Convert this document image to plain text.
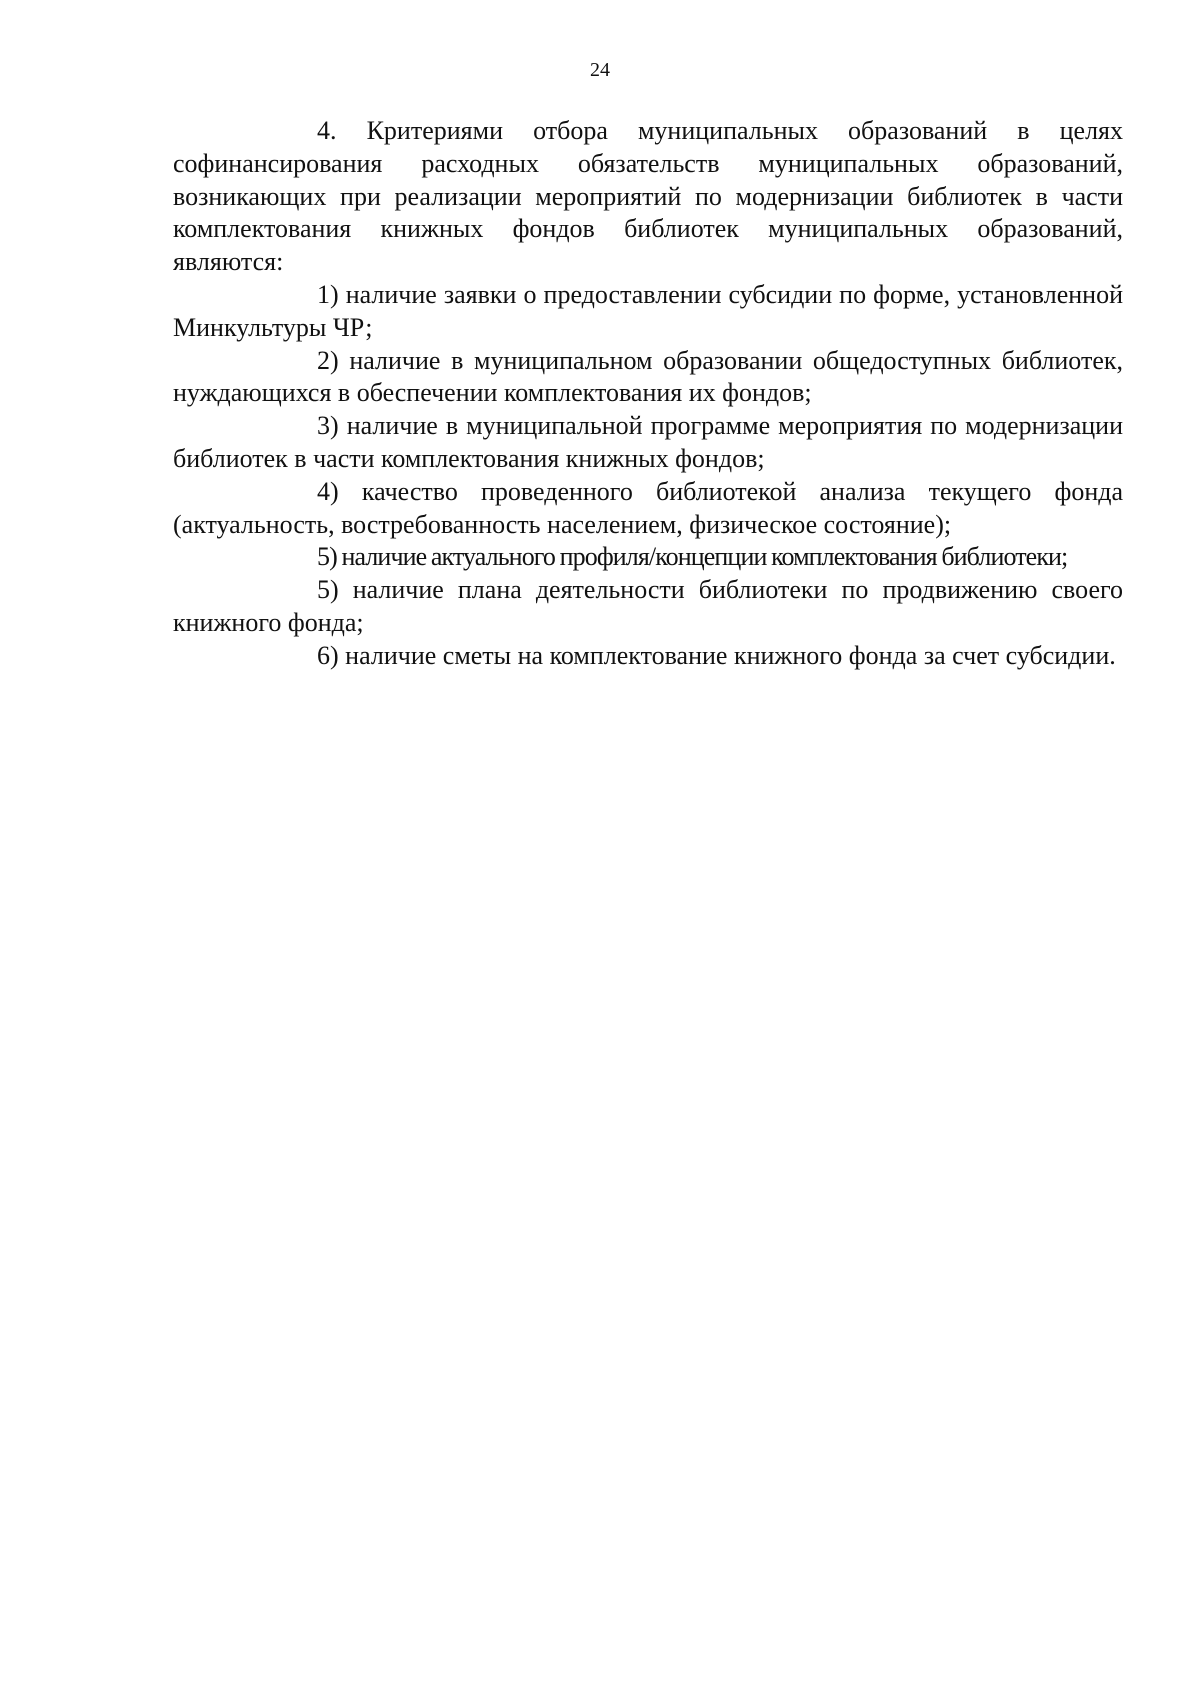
24

4. Критериями отбора муниципальных образований в целях софинансирования расходных обязательств муниципальных образований, возникающих при реализации мероприятий по модернизации библиотек в части комплектования книжных фондов библиотек муниципальных образований, являются:

1) наличие заявки о предоставлении субсидии по форме, установленной Минкультуры ЧР;

2) наличие в муниципальном образовании общедоступных библиотек, нуждающихся в обеспечении комплектования их фондов;

3) наличие в муниципальной программе мероприятия по модернизации библиотек в части комплектования книжных фондов;

4) качество проведенного библиотекой анализа текущего фонда (актуальность, востребованность населением, физическое состояние);

5) наличие актуального профиля/концепции комплектования библиотеки;

5) наличие плана деятельности библиотеки по продвижению своего книжного фонда;

6) наличие сметы на комплектование книжного фонда за счет субсидии.
